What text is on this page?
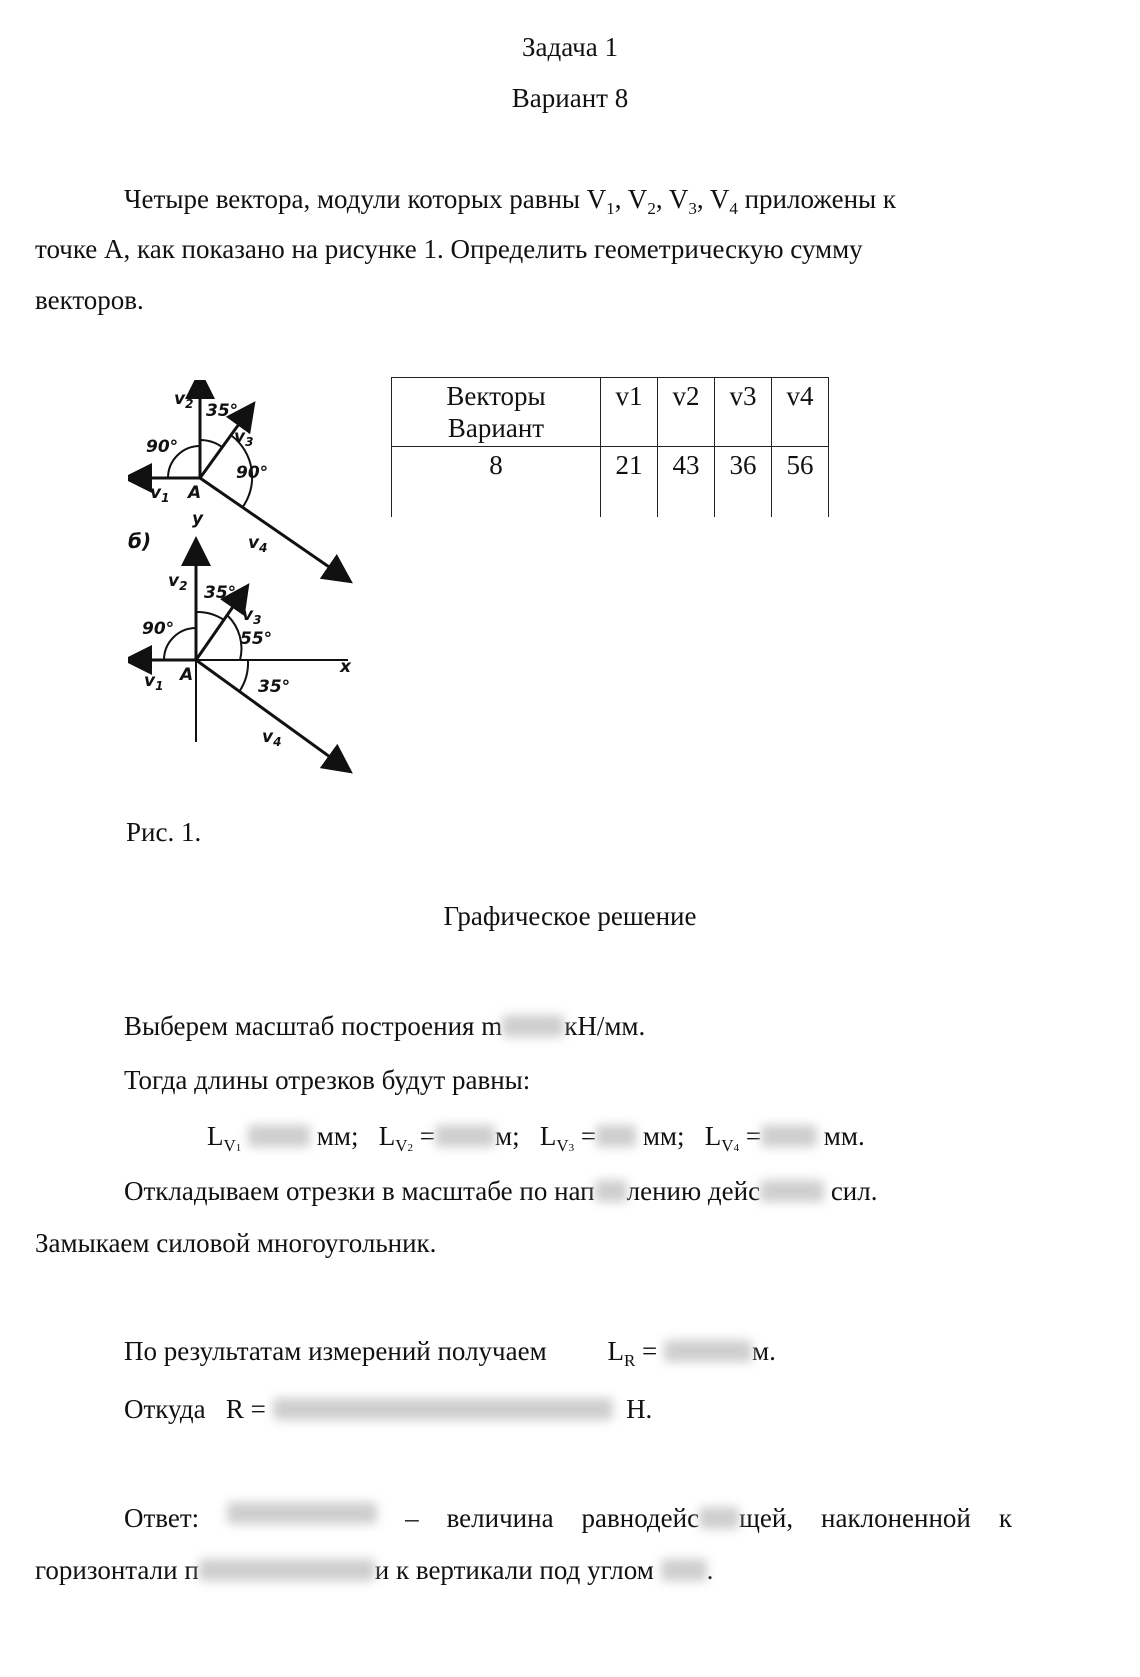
Задача 1
Вариант 8
Четыре вектора, модули которых равны $V_1$, $V_2$, $V_3$, $V_4$ приложены к
точке А, как показано на рисунке 1. Определить геометрическую сумму
векторов.
$v_2$ 35°
$v_3$
90°
90°
$v_1$ A
$v_4$
б)
y
x
$v_2$ 35°
$v_3$
55°
90°
$v_1$
A
35°
$v_4$
Рис. 1.
Векторы
Вариант	v1	v2	v3	v4
8	21	43	36	56
Графическое решение
Выберем масштаб построения m кН/мм.
Тогда длины отрезков будут равны:
$L_{V1}$	мм; $L_{V2} = м$; $L_{V3}$ = мм; $L_{V4}$ = мм.
Откладываем отрезки в масштабе по нап лению дейс	сил.
Замыкаем силовой многоугольник.
По результатам измерений получаем $L_R$ =	м.
Откуда R =	Н.
Ответ:	– величина равнодейс щей, наклоненной к
горизонтали п	и к вертикали под углом .
